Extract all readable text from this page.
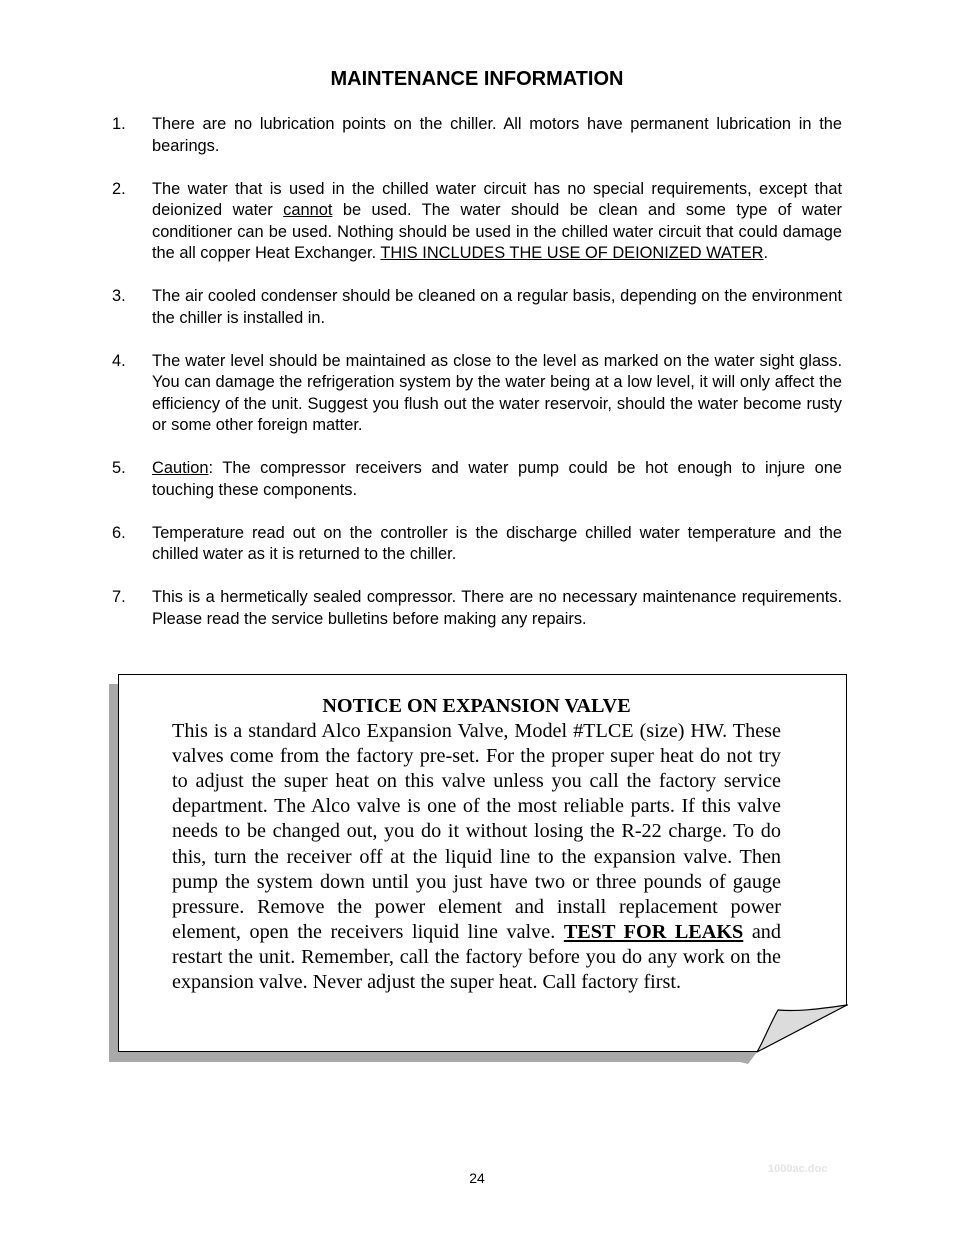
MAINTENANCE INFORMATION
1. There are no lubrication points on the chiller. All motors have permanent lubrication in the bearings.
2. The water that is used in the chilled water circuit has no special requirements, except that deionized water cannot be used. The water should be clean and some type of water conditioner can be used. Nothing should be used in the chilled water circuit that could damage the all copper Heat Exchanger. THIS INCLUDES THE USE OF DEIONIZED WATER.
3. The air cooled condenser should be cleaned on a regular basis, depending on the environment the chiller is installed in.
4. The water level should be maintained as close to the level as marked on the water sight glass. You can damage the refrigeration system by the water being at a low level, it will only affect the efficiency of the unit. Suggest you flush out the water reservoir, should the water become rusty or some other foreign matter.
5. Caution: The compressor receivers and water pump could be hot enough to injure one touching these components.
6. Temperature read out on the controller is the discharge chilled water temperature and the chilled water as it is returned to the chiller.
7. This is a hermetically sealed compressor. There are no necessary maintenance requirements. Please read the service bulletins before making any repairs.
NOTICE ON EXPANSION VALVE
This is a standard Alco Expansion Valve, Model #TLCE (size) HW. These valves come from the factory pre-set. For the proper super heat do not try to adjust the super heat on this valve unless you call the factory service department. The Alco valve is one of the most reliable parts. If this valve needs to be changed out, you do it without losing the R-22 charge. To do this, turn the receiver off at the liquid line to the expansion valve. Then pump the system down until you just have two or three pounds of gauge pressure. Remove the power element and install replacement power element, open the receivers liquid line valve. TEST FOR LEAKS and restart the unit. Remember, call the factory before you do any work on the expansion valve. Never adjust the super heat. Call factory first.
24
1000ac.doc
